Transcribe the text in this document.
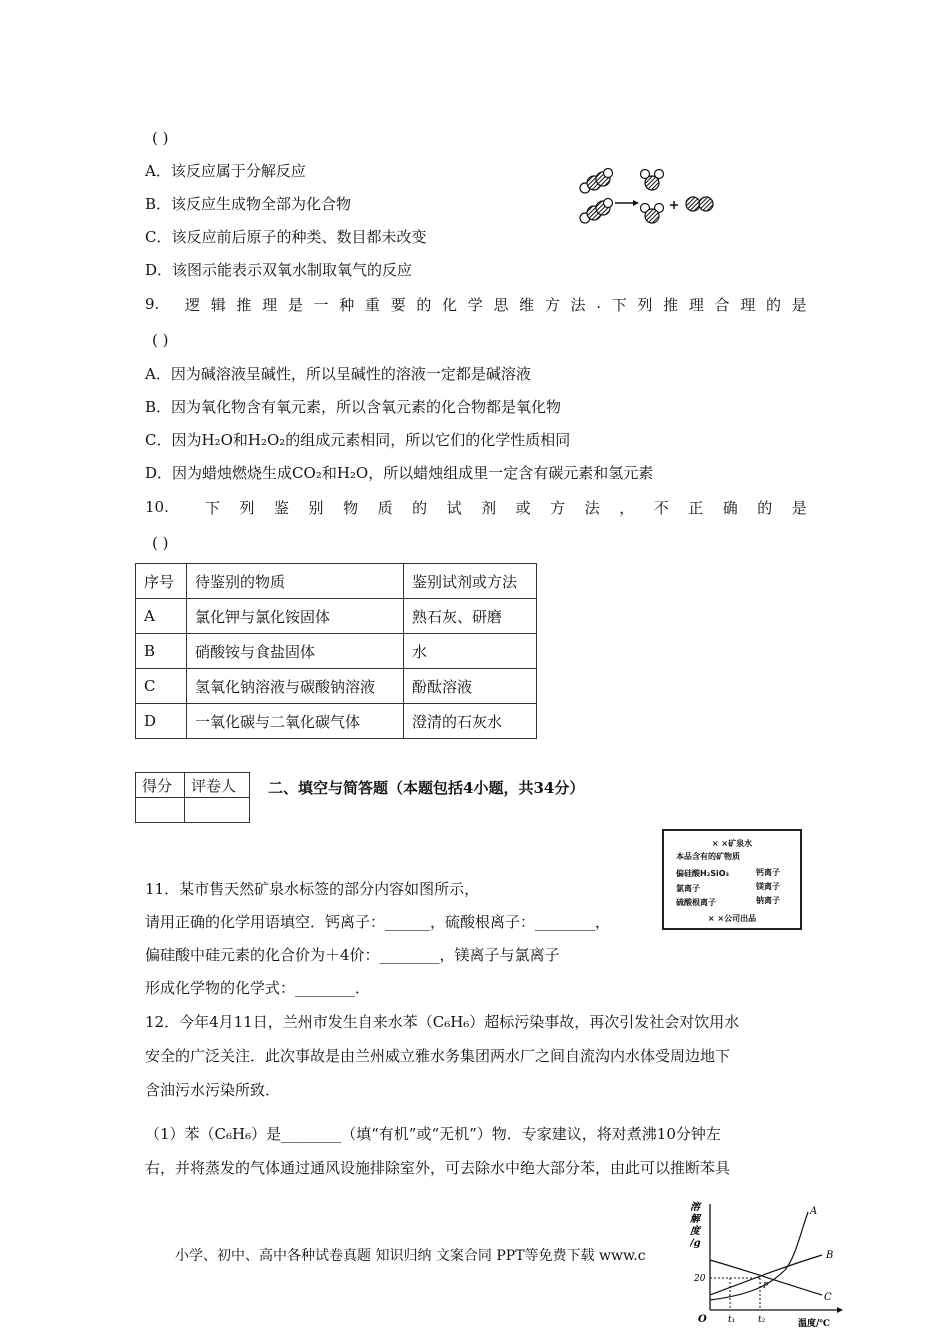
( )
A．该反应属于分解反应
B．该反应生成物全部为化合物
C．该反应前后原子的种类、数目都未改变
D．该图示能表示双氧水制取氧气的反应
9. 逻 辑 推 理 是 一 种 重 要 的 化 学 思 维 方 法 . 下 列 推 理 合 理 的 是
( )
A．因为碱溶液呈碱性，所以呈碱性的溶液一定都是碱溶液
B．因为氧化物含有氧元素，所以含氧元素的化合物都是氧化物
C．因为H₂O和H₂O₂的组成元素相同，所以它们的化学性质相同
D．因为蜡烛燃烧生成CO₂和H₂O，所以蜡烛组成里一定含有碳元素和氢元素
10. 下 列 鉴 别 物 质 的 试 剂 或 方 法 ， 不 正 确 的 是
( )
序号	待鉴别的物质	鉴别试剂或方法
A	氯化钾与氯化铵固体	熟石灰、研磨
B	硝酸铵与食盐固体	水
C	氢氧化钠溶液与碳酸钠溶液	酚酞溶液
D	一氧化碳与二氧化碳气体	澄清的石灰水
得分	评卷人
	二、填空与简答题（本题包括4小题，共34分）
× ×矿泉水
本品含有的矿物质
偏硅酸H₂SiO₃	钙离子
氯离子	镁离子
硫酸根离子	钠离子
× ×公司出品
11．某市售天然矿泉水标签的部分内容如图所示，
请用正确的化学用语填空．钙离子：______，硫酸根离子：________，
偏硅酸中硅元素的化合价为＋4价：________，镁离子与氯离子
形成化学物的化学式：________．
12．今年4月11日，兰州市发生自来水苯（C₆H₆）超标污染事故，再次引发社会对饮用水
安全的广泛关注．此次事故是由兰州威立雅水务集团两水厂之间自流沟内水体受周边地下
含油污水污染所致．
（1）苯（C₆H₆）是________（填“有机”或“无机”）物．专家建议，将对煮沸10分钟左
右，并将蒸发的气体通过通风设施排除室外，可去除水中绝大部分苯，由此可以推断苯具
溶
解
度
/g
O
20
t₁	t₂
P
A
B
C
温度/℃
小学、初中、高中各种试卷真题 知识归纳 文案合同 PPT等免费下载 www.c
